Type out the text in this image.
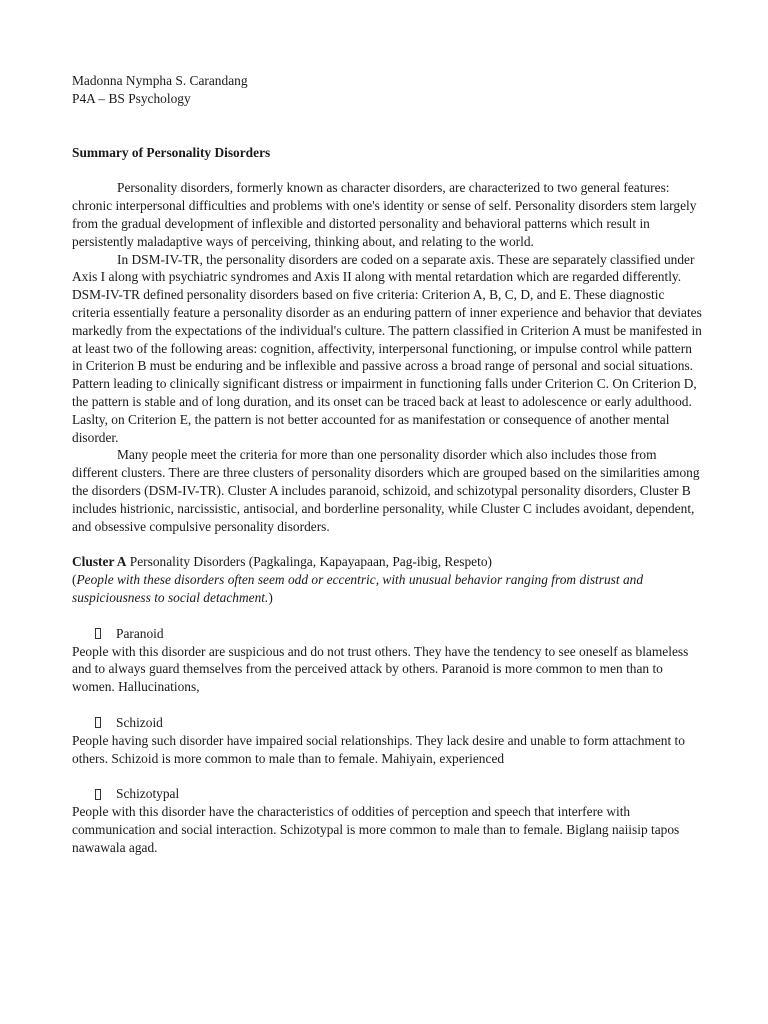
Madonna Nympha S. Carandang
P4A – BS Psychology
Summary of Personality Disorders

Personality disorders, formerly known as character disorders, are characterized to two general features: chronic interpersonal difficulties and problems with one's identity or sense of self. Personality disorders stem largely from the gradual development of inflexible and distorted personality and behavioral patterns which result in persistently maladaptive ways of perceiving, thinking about, and relating to the world.

In DSM-IV-TR, the personality disorders are coded on a separate axis. These are separately classified under Axis I along with psychiatric syndromes and Axis II along with mental retardation which are regarded differently. DSM-IV-TR defined personality disorders based on five criteria: Criterion A, B, C, D, and E. These diagnostic criteria essentially feature a personality disorder as an enduring pattern of inner experience and behavior that deviates markedly from the expectations of the individual's culture. The pattern classified in Criterion A must be manifested in at least two of the following areas: cognition, affectivity, interpersonal functioning, or impulse control while pattern in Criterion B must be enduring and be inflexible and passive across a broad range of personal and social situations. Pattern leading to clinically significant distress or impairment in functioning falls under Criterion C. On Criterion D, the pattern is stable and of long duration, and its onset can be traced back at least to adolescence or early adulthood. Laslty, on Criterion E, the pattern is not better accounted for as manifestation or consequence of another mental disorder.

Many people meet the criteria for more than one personality disorder which also includes those from different clusters. There are three clusters of personality disorders which are grouped based on the similarities among the disorders (DSM-IV-TR). Cluster A includes paranoid, schizoid, and schizotypal personality disorders, Cluster B includes histrionic, narcissistic, antisocial, and borderline personality, while Cluster C includes avoidant, dependent, and obsessive compulsive personality disorders.

Cluster A Personality Disorders (Pagkalinga, Kapayapaan, Pag-ibig, Respeto)

(People with these disorders often seem odd or eccentric, with unusual behavior ranging from distrust and suspiciousness to social detachment.)

Paranoid

People with this disorder are suspicious and do not trust others. They have the tendency to see oneself as blameless and to always guard themselves from the perceived attack by others. Paranoid is more common to men than to women. Hallucinations,

Schizoid

People having such disorder have impaired social relationships. They lack desire and unable to form attachment to others. Schizoid is more common to male than to female. Mahiyain, experienced

Schizotypal

People with this disorder have the characteristics of oddities of perception and speech that interfere with communication and social interaction. Schizotypal is more common to male than to female. Biglang naiisip tapos nawawala agad.
